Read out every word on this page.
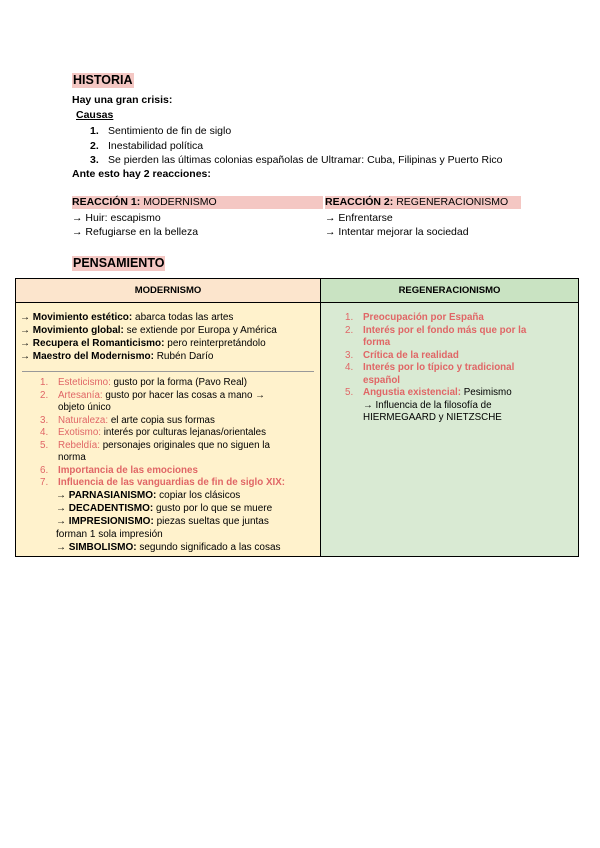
HISTORIA
Hay una gran crisis:
Causas
1. Sentimiento de fin de siglo
2. Inestabilidad política
3. Se pierden las últimas colonias españolas de Ultramar: Cuba, Filipinas y Puerto Rico
Ante esto hay 2 reacciones:
REACCIÓN 1: MODERNISMO	REACCIÓN 2: REGENERACIONISMO
→ Huir: escapismo
→ Refugiarse en la belleza
→ Enfrentarse
→ Intentar mejorar la sociedad
PENSAMIENTO
MODERNISMO
→ Movimiento estético: abarca todas las artes
→ Movimiento global: se extiende por Europa y América
→ Recupera el Romanticismo: pero reinterpretándolo
→ Maestro del Modernismo: Rubén Darío
1. Esteticismo: gusto por la forma (Pavo Real)
2. Artesanía: gusto por hacer las cosas a mano →
objeto único
3. Naturaleza: el arte copia sus formas
4. Exotismo: interés por culturas lejanas/orientales
5. Rebeldía: personajes originales que no siguen la
norma
6. Importancia de las emociones
7. Influencia de las vanguardias de fin de siglo XIX:
→ PARNASIANISMO: copiar los clásicos
→ DECADENTISMO: gusto por lo que se muere
→ IMPRESIONISMO: piezas sueltas que juntas
forman 1 sola impresión
→ SIMBOLISMO: segundo significado a las cosas
REGENERACIONISMO
1. Preocupación por España
2. Interés por el fondo más que por la
forma
3. Crítica de la realidad
4. Interés por lo típico y tradicional
español
5. Angustia existencial: Pesimismo
→ Influencia de la filosofía de
HIERMEGAARD y NIETZSCHE
